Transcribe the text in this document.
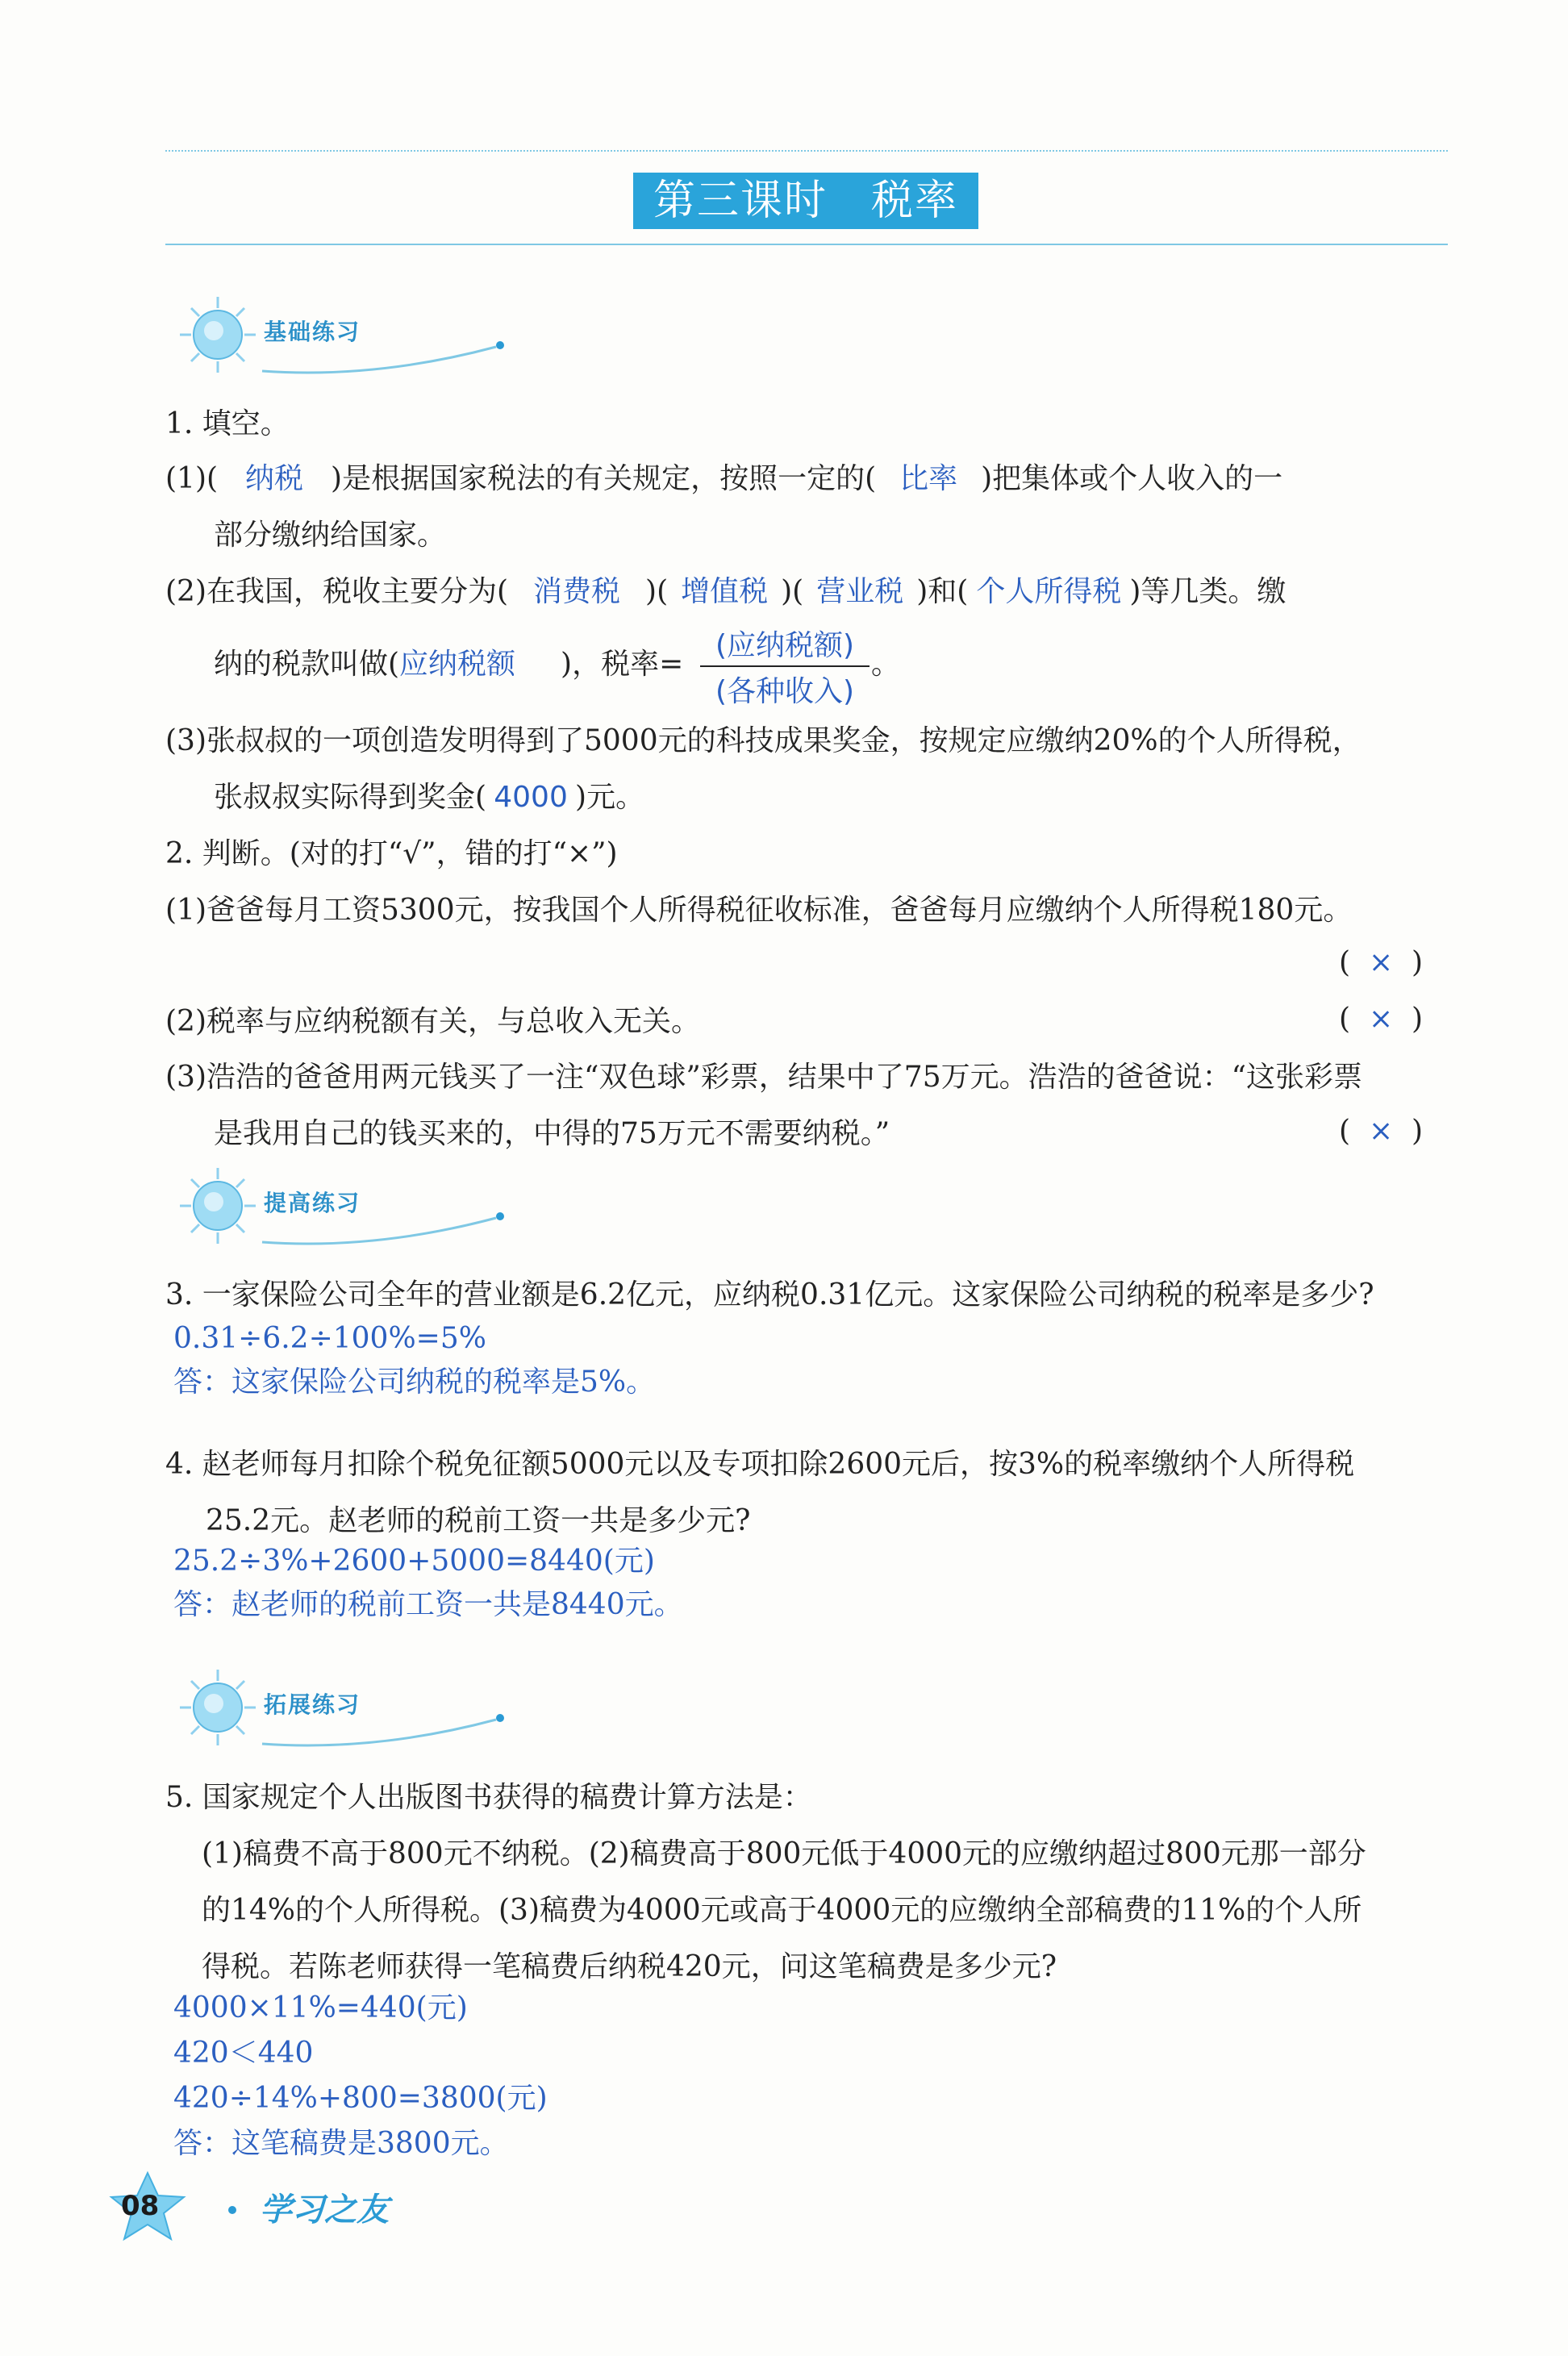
第三课时　税率
基础练习
1. 填空。
(1)( 纳税 )是根据国家税法的有关规定，按照一定的( 比率 )把集体或个人收入的一
部分缴纳给国家。
(2)在我国，税收主要分为( 消费税 )( 增值税 )( 营业税 )和( 个人所得税 )等几类。缴
纳的税款叫做(应纳税额 )，税率=
(应纳税额)
(各种收入)
。
(3)张叔叔的一项创造发明得到了5000元的科技成果奖金，按规定应缴纳20%的个人所得税，
张叔叔实际得到奖金( 4000 )元。
2. 判断。(对的打“√”，错的打“×”)
(1)爸爸每月工资5300元，按我国个人所得税征收标准，爸爸每月应缴纳个人所得税180元。
(  ×  )
(2)税率与应纳税额有关，与总收入无关。	(  ×  )
(3)浩浩的爸爸用两元钱买了一注“双色球”彩票，结果中了75万元。浩浩的爸爸说：“这张彩票
是我用自己的钱买来的，中得的75万元不需要纳税。”	(  ×  )
提高练习
3. 一家保险公司全年的营业额是6.2亿元，应纳税0.31亿元。这家保险公司纳税的税率是多少?
0.31÷6.2÷100%=5%
答：这家保险公司纳税的税率是5%。
4. 赵老师每月扣除个税免征额5000元以及专项扣除2600元后，按3%的税率缴纳个人所得税
25.2元。赵老师的税前工资一共是多少元?
25.2÷3%+2600+5000=8440(元)
答：赵老师的税前工资一共是8440元。
拓展练习
5. 国家规定个人出版图书获得的稿费计算方法是：
(1)稿费不高于800元不纳税。(2)稿费高于800元低于4000元的应缴纳超过800元那一部分
的14%的个人所得税。(3)稿费为4000元或高于4000元的应缴纳全部稿费的11%的个人所
得税。若陈老师获得一笔稿费后纳税420元，问这笔稿费是多少元?
4000×11%=440(元)
420＜440
420÷14%+800=3800(元)
答：这笔稿费是3800元。
08	学习之友
